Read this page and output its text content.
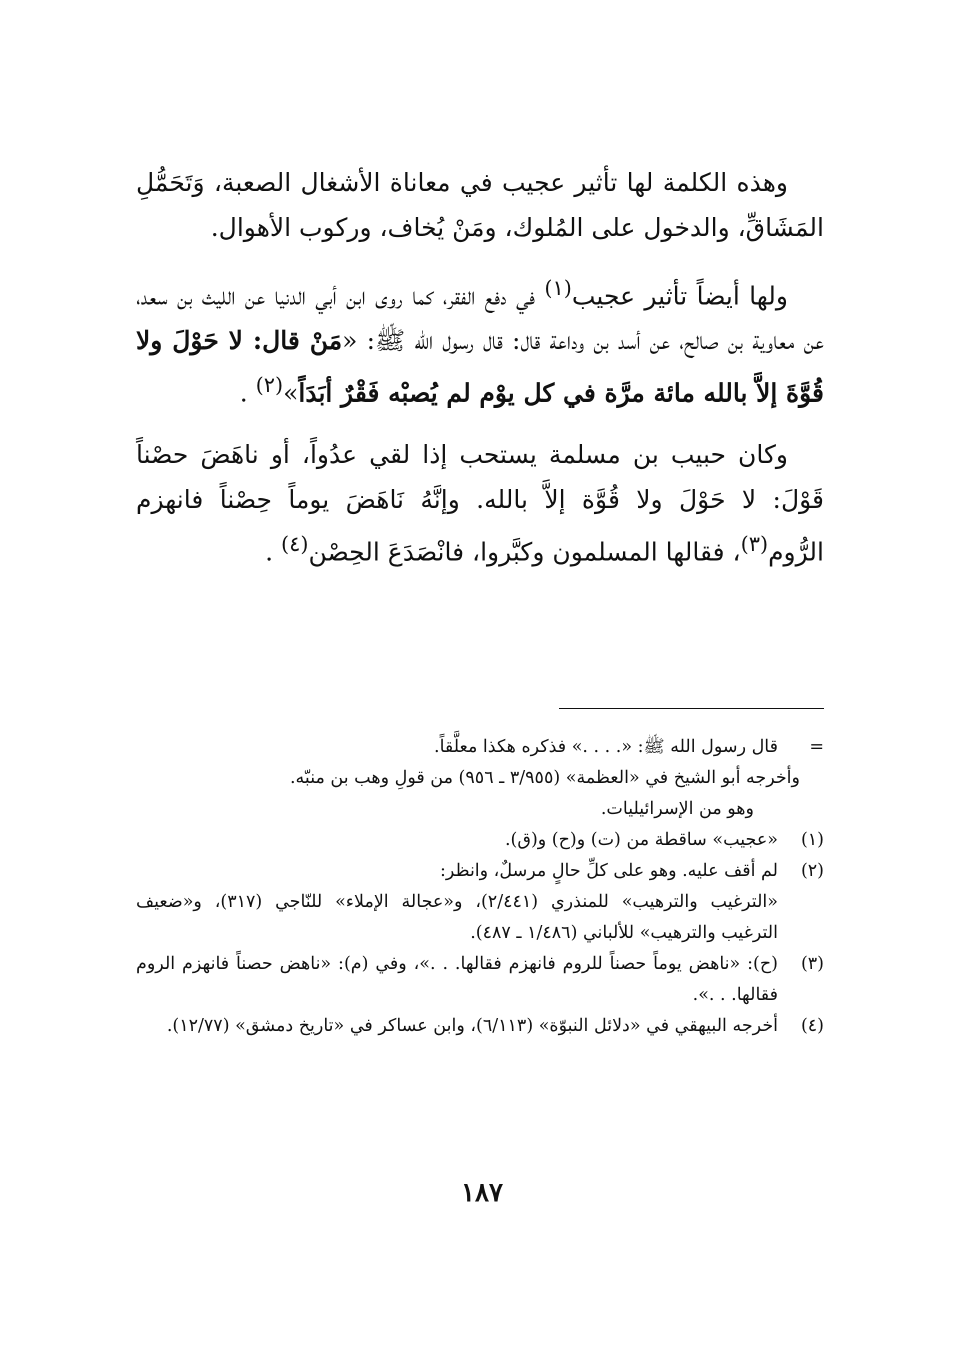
وهذه الكلمة لها تأثير عجيب في معاناة الأشغال الصعبة، وَتَحَمُّلِ المَشَاقِّ، والدخول على المُلوك، ومَنْ يُخاف، وركوب الأهوال.

ولها أيضاً تأثير عجيب$^{(١)}$ في دفع الفقر، كما روى ابن أبي الدنيا عن الليث بن سعد، عن معاوية بن صالح، عن أسد بن وداعة قال: قال رسول الله ﷺ: «مَنْ قال: لا حَوْلَ ولا قُوَّةَ إلاَّ بالله مائة مرَّة في كل يوْم لم يُصبْه فَقْرٌ أبَدَاً»$^{(٢)}$ .

وكان حبيب بن مسلمة يستحب إذا لقي عدُواً، أو ناهَضَ حصْناً قَوْلَ: لا حَوْلَ ولا قُوَّة إلاَّ بالله. وإنَّهُ نَاهَضَ يوماً حِصْناً فانهزم الرُّوم$^{(٣)}$، فقالها المسلمون وكبَّروا، فانْصَدَعَ الحِصْن$^{(٤)}$ .

=
قال رسول الله ﷺ: «. . . .» فذكره هكذا معلَّقاً.

وأخرجه أبو الشيخ في «العظمة» (٣/٩٥٥ ـ ٩٥٦) من قولِ وهب بن منبّه.

وهو من الإسرائيليات.

(١)
«عجيب» ساقطة من (ت) و(ح) و(ق).
(٢)
لم أقف عليه. وهو على كلِّ حالٍ مرسلٌ، وانظر:

«الترغيب والترهيب» للمنذري (٢/٤٤١)، و«عجالة الإملاء» للنّاجي (٣١٧)، و«ضعيف الترغيب والترهيب» للألباني (١/٤٨٦ ـ ٤٨٧).

(٣)
(ح): «ناهض يوماً حصناً للروم فانهزم فقالها. . .»، وفي (م): «ناهض حصناً فانهزم الروم فقالها. . .».
(٤)
أخرجه البيهقي في «دلائل النبوّة» (٦/١١٣)، وابن عساكر في «تاريخ دمشق» (١٢/٧٧).
١٨٧
